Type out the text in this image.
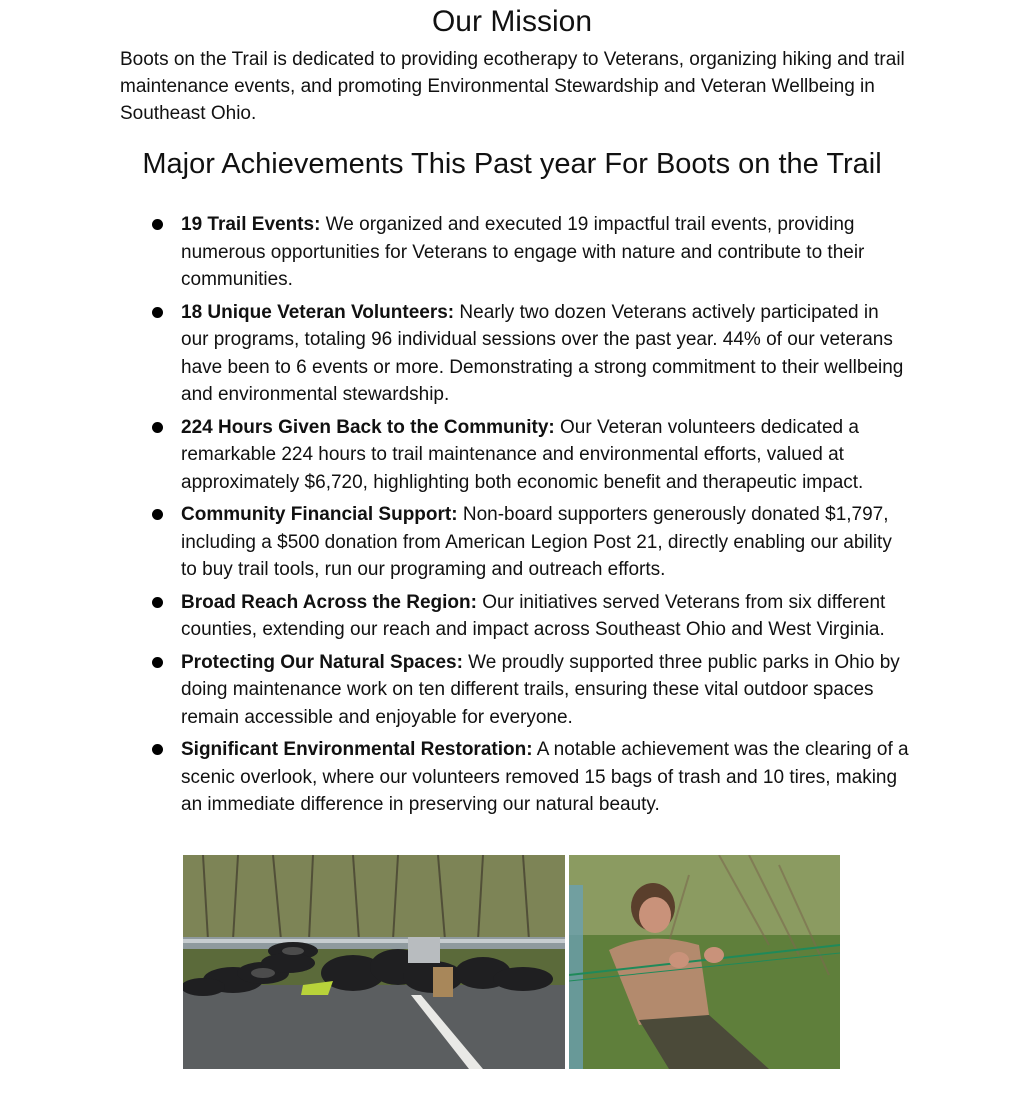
Our Mission

Boots on the Trail is dedicated to providing ecotherapy to Veterans, organizing hiking and trail maintenance events, and promoting Environmental Stewardship and Veteran Wellbeing in Southeast Ohio.

Major Achievements This Past year For Boots on the Trail
19 Trail Events: We organized and executed 19 impactful trail events, providing numerous opportunities for Veterans to engage with nature and contribute to their communities.
18 Unique Veteran Volunteers: Nearly two dozen Veterans actively participated in our programs, totaling 96 individual sessions over the past year. 44% of our veterans have been to 6 events or more. Demonstrating a strong commitment to their wellbeing and environmental stewardship.
224 Hours Given Back to the Community: Our Veteran volunteers dedicated a remarkable 224 hours to trail maintenance and environmental efforts, valued at approximately $6,720, highlighting both economic benefit and therapeutic impact.
Community Financial Support: Non-board supporters generously donated $1,797, including a $500 donation from American Legion Post 21, directly enabling our ability to buy trail tools, run our programing and outreach efforts.
Broad Reach Across the Region: Our initiatives served Veterans from six different counties, extending our reach and impact across Southeast Ohio and West Virginia.
Protecting Our Natural Spaces: We proudly supported three public parks in Ohio by doing maintenance work on ten different trails, ensuring these vital outdoor spaces remain accessible and enjoyable for everyone.
Significant Environmental Restoration: A notable achievement was the clearing of a scenic overlook, where our volunteers removed 15 bags of trash and 10 tires, making an immediate difference in preserving our natural beauty.
